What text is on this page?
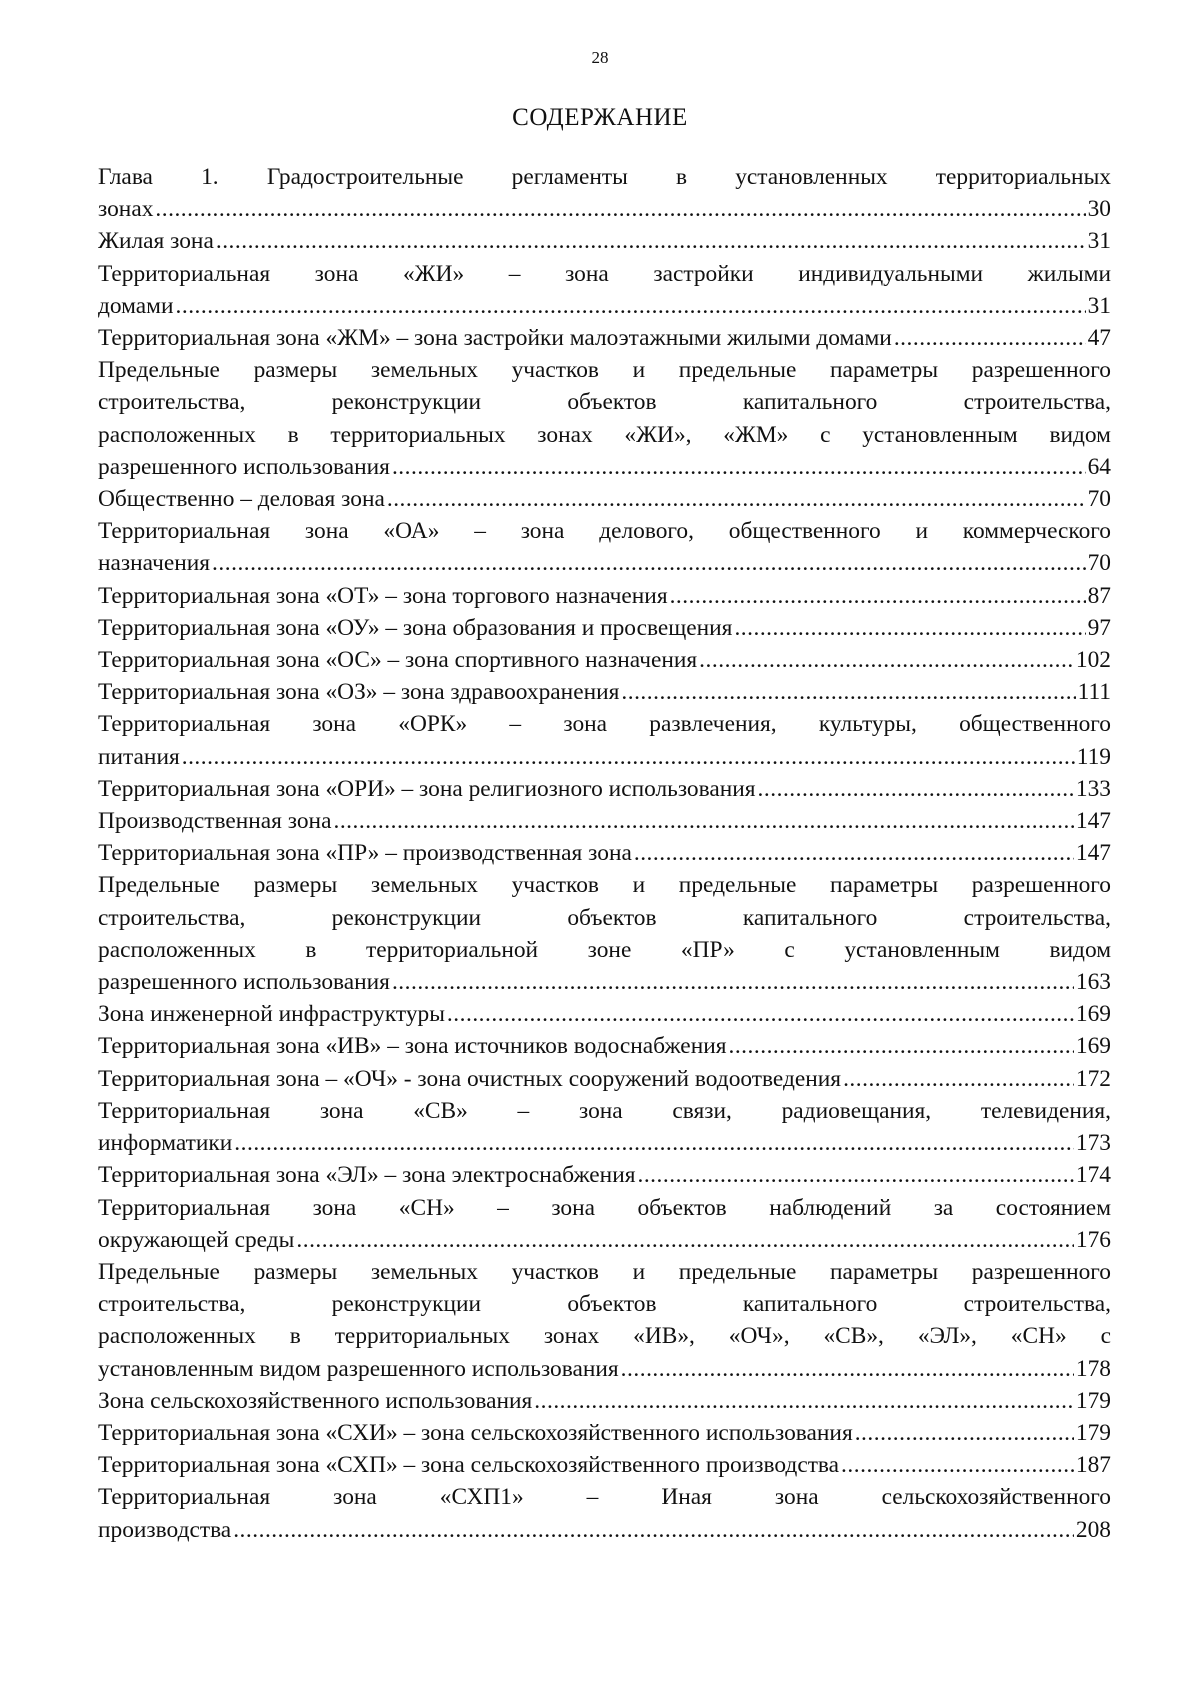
28
СОДЕРЖАНИЕ
Глава 1. Градостроительные регламенты в установленных территориальных
зонах .....	30
Жилая зона .....	31
Территориальная зона «ЖИ» – зона застройки индивидуальными жилыми
домами .....	31
Территориальная зона «ЖМ» – зона застройки малоэтажными жилыми домами .....	47
Предельные размеры земельных участков и предельные параметры разрешенного
строительства, реконструкции объектов капитального строительства,
расположенных в территориальных зонах «ЖИ», «ЖМ» с установленным видом
разрешенного использования .....	64
Общественно – деловая зона .....	70
Территориальная зона «ОА» – зона делового, общественного и коммерческого
назначения .....	70
Территориальная зона «ОТ» – зона торгового назначения .....	87
Территориальная зона «ОУ» – зона образования и просвещения .....	97
Территориальная зона «ОС» – зона спортивного назначения .....	102
Территориальная зона «ОЗ» – зона здравоохранения .....	111
Территориальная зона «ОРК» – зона развлечения, культуры, общественного
питания .....	119
Территориальная зона «ОРИ» – зона религиозного использования .....	133
Производственная зона .....	147
Территориальная зона «ПР» – производственная зона .....	147
Предельные размеры земельных участков и предельные параметры разрешенного
строительства, реконструкции объектов капитального строительства,
расположенных в территориальной зоне «ПР» с установленным видом
разрешенного использования .....	163
Зона инженерной инфраструктуры .....	169
Территориальная зона «ИВ» – зона источников водоснабжения .....	169
Территориальная зона – «ОЧ» - зона очистных сооружений водоотведения .....	172
Территориальная зона «СВ» – зона связи, радиовещания, телевидения,
информатики .....	173
Территориальная зона «ЭЛ» – зона электроснабжения .....	174
Территориальная зона «СН» – зона объектов наблюдений за состоянием
окружающей среды .....	176
Предельные размеры земельных участков и предельные параметры разрешенного
строительства, реконструкции объектов капитального строительства,
расположенных в территориальных зонах «ИВ», «ОЧ», «СВ», «ЭЛ», «СН» с
установленным видом разрешенного использования .....	178
Зона сельскохозяйственного использования .....	179
Территориальная зона «СХИ» – зона сельскохозяйственного использования .....	179
Территориальная зона «СХП» – зона сельскохозяйственного производства .....	187
Территориальная зона «СХП1» – Иная зона сельскохозяйственного
производства .....	208
